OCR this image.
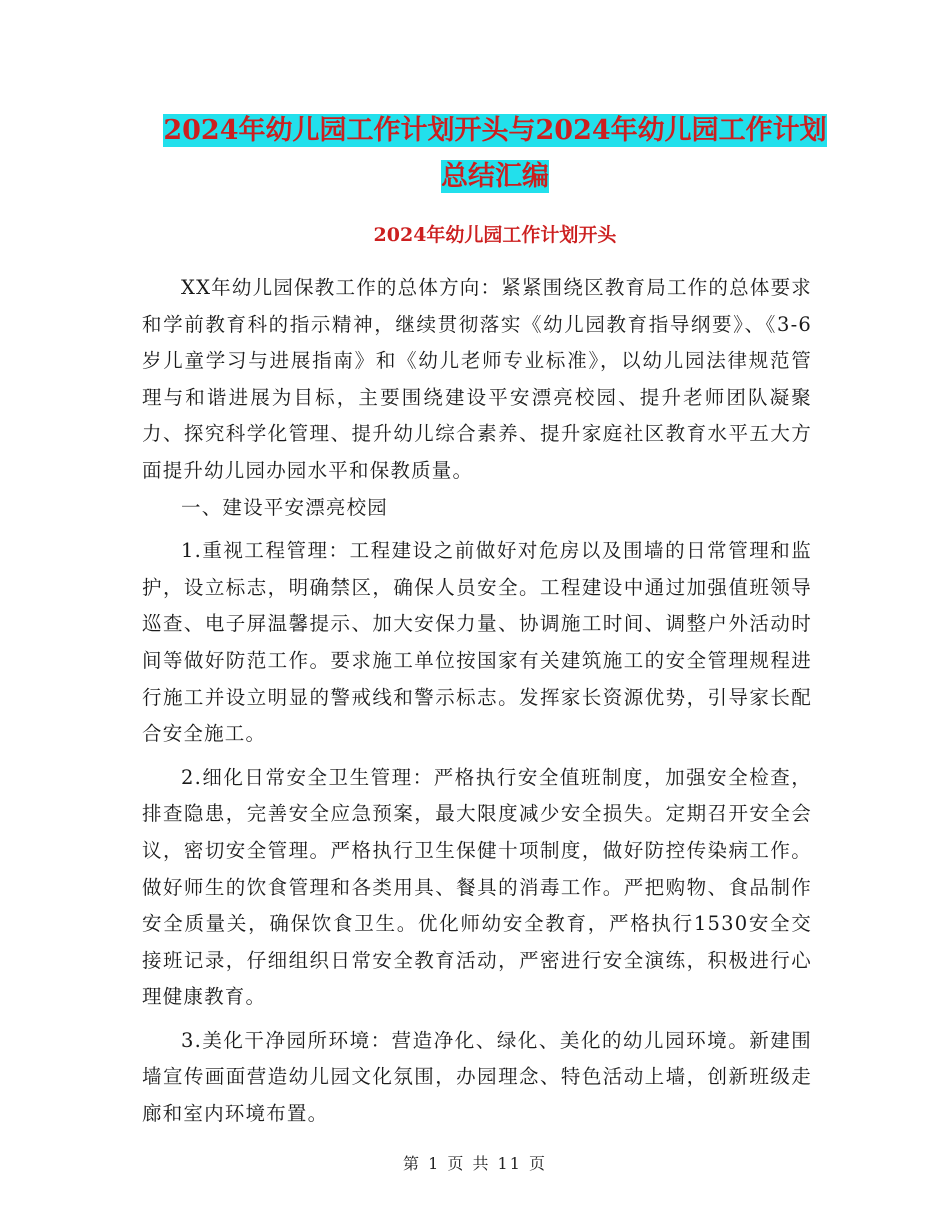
2024年幼儿园工作计划开头与2024年幼儿园工作计划
总结汇编
2024年幼儿园工作计划开头

XX年幼儿园保教工作的总体方向：紧紧围绕区教育局工作的总体要求和学前教育科的指示精神，继续贯彻落实《幼儿园教育指导纲要》、《3-6岁儿童学习与进展指南》和《幼儿老师专业标准》，以幼儿园法律规范管理与和谐进展为目标，主要围绕建设平安漂亮校园、提升老师团队凝聚力、探究科学化管理、提升幼儿综合素养、提升家庭社区教育水平五大方面提升幼儿园办园水平和保教质量。

一、建设平安漂亮校园

1.重视工程管理：工程建设之前做好对危房以及围墙的日常管理和监护，设立标志，明确禁区，确保人员安全。工程建设中通过加强值班领导巡查、电子屏温馨提示、加大安保力量、协调施工时间、调整户外活动时间等做好防范工作。要求施工单位按国家有关建筑施工的安全管理规程进行施工并设立明显的警戒线和警示标志。发挥家长资源优势，引导家长配合安全施工。

2.细化日常安全卫生管理：严格执行安全值班制度，加强安全检查，排查隐患，完善安全应急预案，最大限度减少安全损失。定期召开安全会议，密切安全管理。严格执行卫生保健十项制度，做好防控传染病工作。做好师生的饮食管理和各类用具、餐具的消毒工作。严把购物、食品制作安全质量关，确保饮食卫生。优化师幼安全教育，严格执行1530安全交接班记录，仔细组织日常安全教育活动，严密进行安全演练，积极进行心理健康教育。

3.美化干净园所环境：营造净化、绿化、美化的幼儿园环境。新建围墙宣传画面营造幼儿园文化氛围，办园理念、特色活动上墙，创新班级走廊和室内环境布置。

第 1 页 共 11 页
